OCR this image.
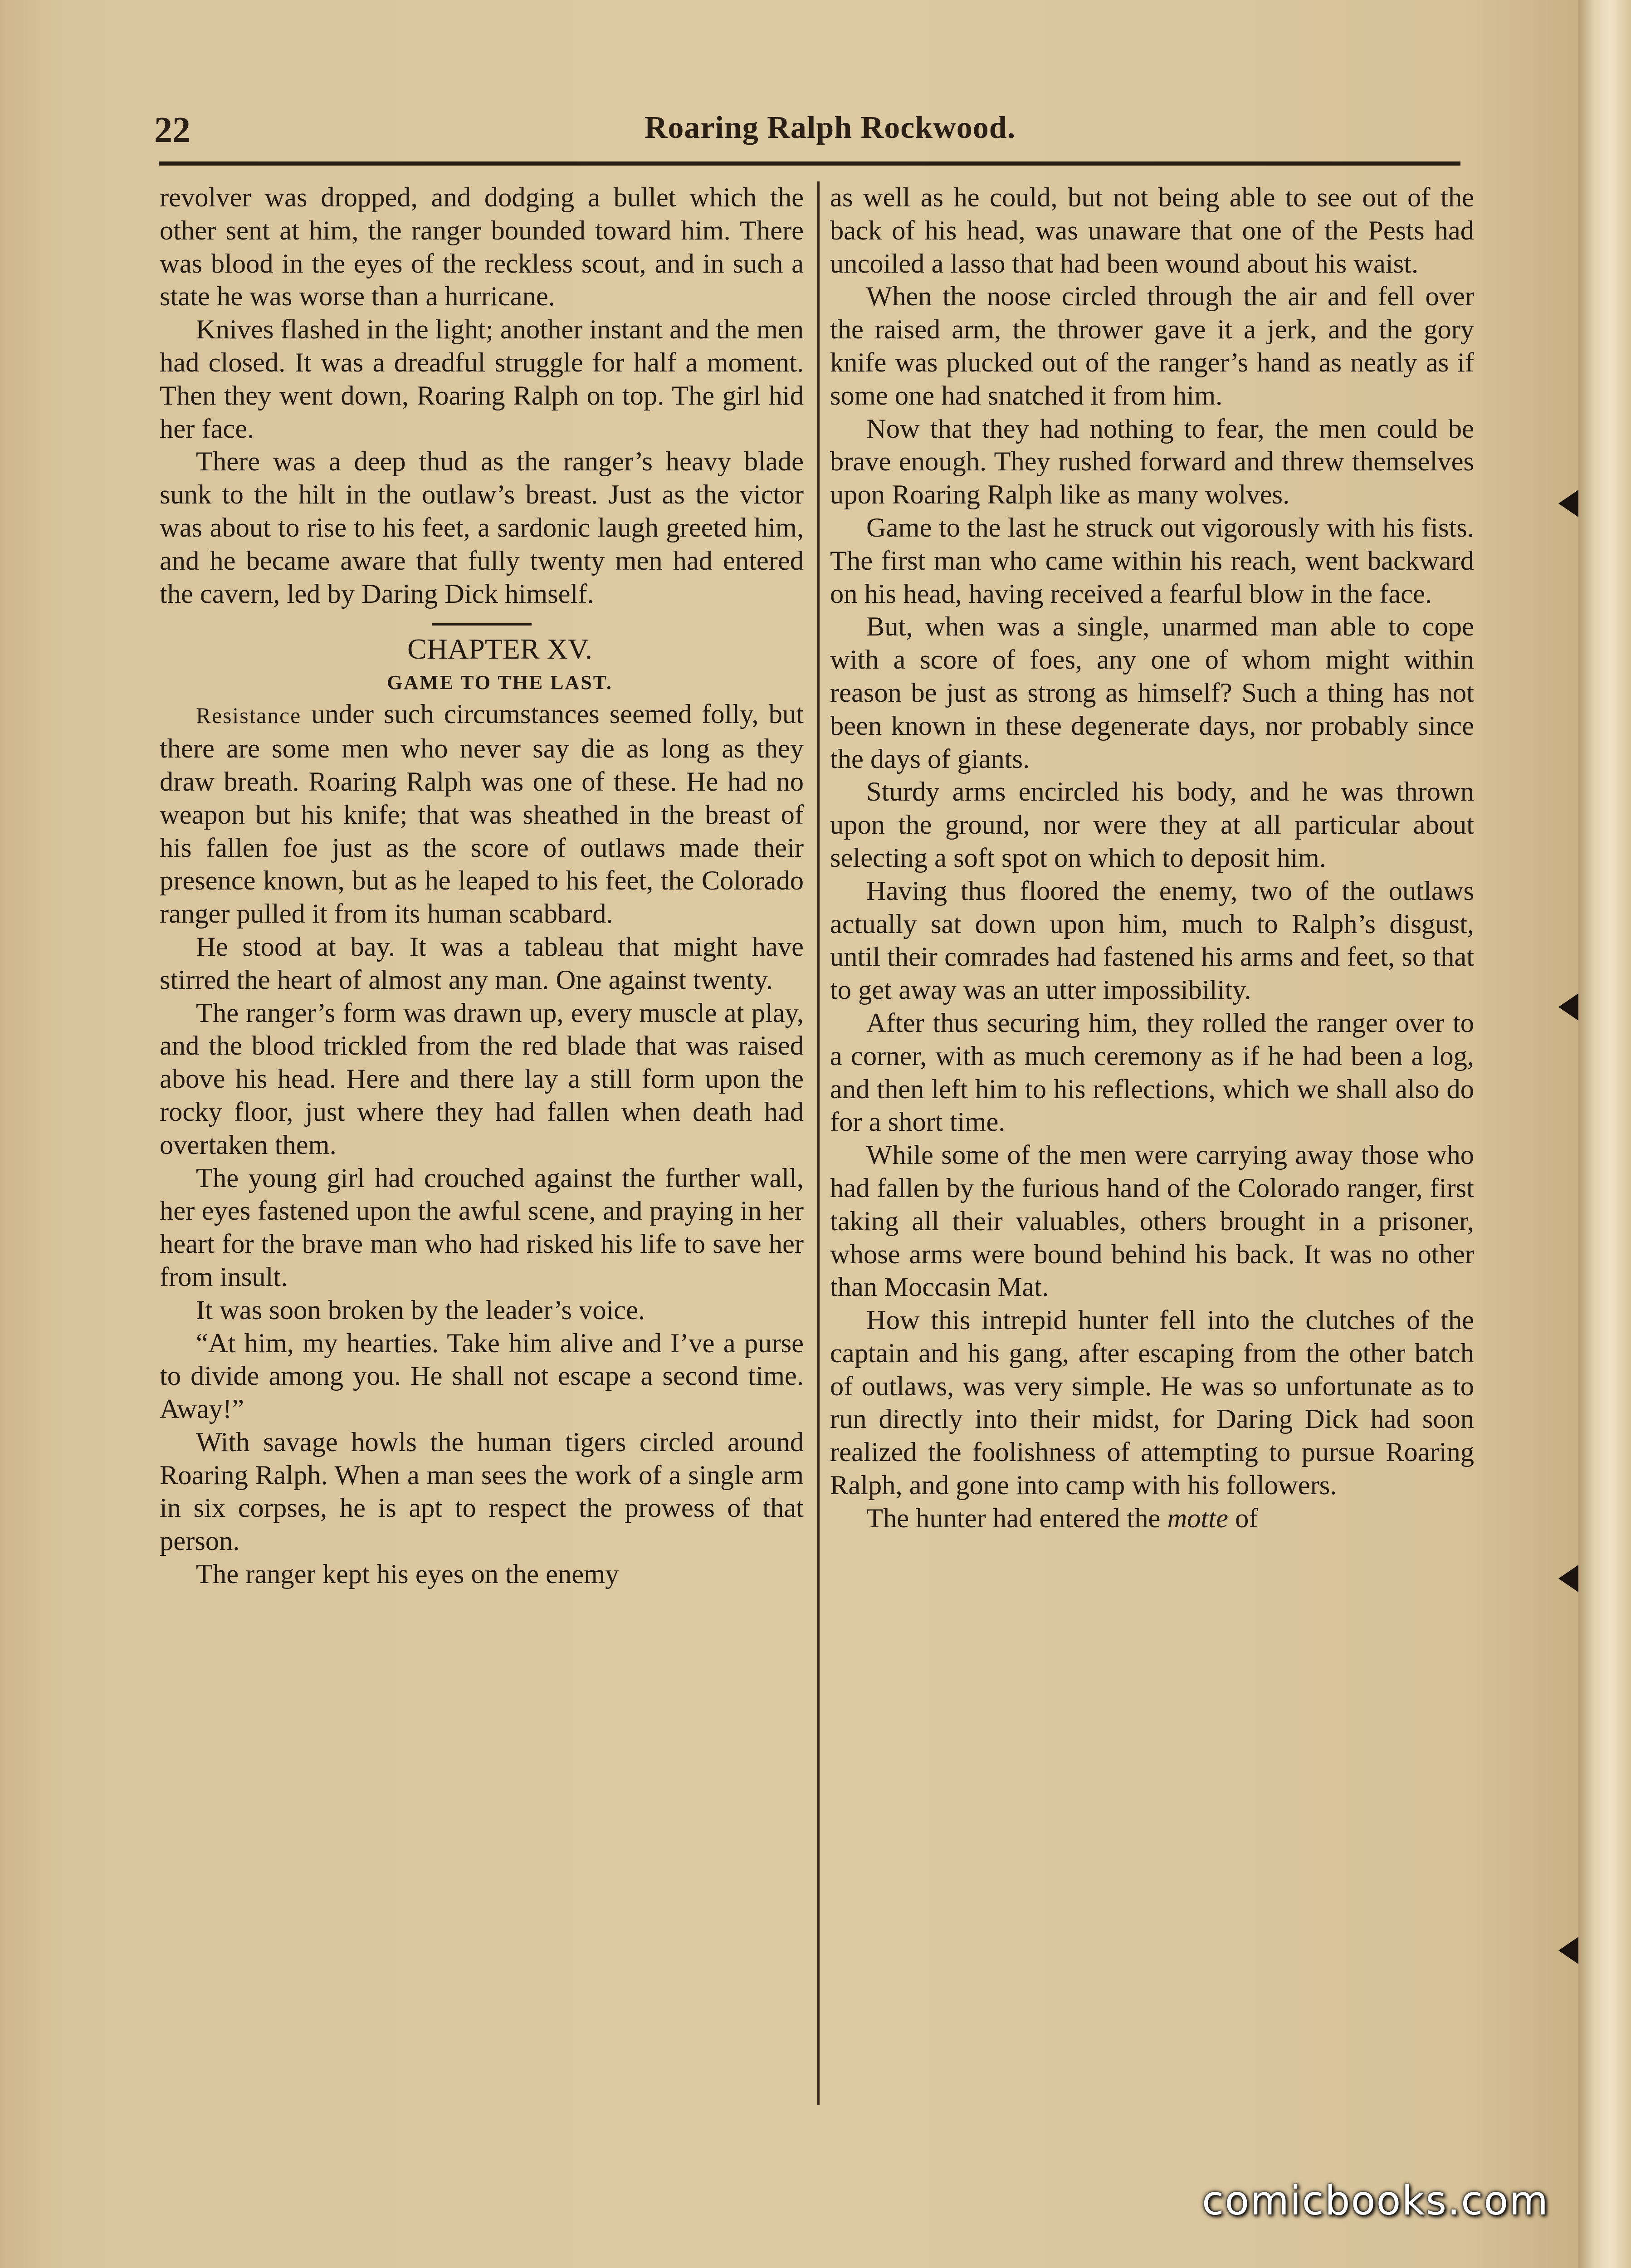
22	Roaring Ralph Rockwood.

revolver was dropped, and dodging a bullet which the other sent at him, the ranger bounded toward him. There was blood in the eyes of the reckless scout, and in such a state he was worse than a hurricane.

Knives flashed in the light; another instant and the men had closed. It was a dreadful struggle for half a moment. Then they went down, Roaring Ralph on top. The girl hid her face.

There was a deep thud as the ranger’s heavy blade sunk to the hilt in the outlaw’s breast. Just as the victor was about to rise to his feet, a sardonic laugh greeted him, and he became aware that fully twenty men had entered the cavern, led by Daring Dick himself.

CHAPTER XV.

GAME TO THE LAST.

Resistance under such circumstances seemed folly, but there are some men who never say die as long as they draw breath. Roaring Ralph was one of these. He had no weapon but his knife; that was sheathed in the breast of his fallen foe just as the score of outlaws made their presence known, but as he leaped to his feet, the Colorado ranger pulled it from its human scabbard.

He stood at bay. It was a tableau that might have stirred the heart of almost any man. One against twenty.

The ranger’s form was drawn up, every muscle at play, and the blood trickled from the red blade that was raised above his head. Here and there lay a still form upon the rocky floor, just where they had fallen when death had overtaken them.

The young girl had crouched against the further wall, her eyes fastened upon the awful scene, and praying in her heart for the brave man who had risked his life to save her from insult.

It was soon broken by the leader’s voice.

“At him, my hearties. Take him alive and I’ve a purse to divide among you. He shall not escape a second time. Away!”

With savage howls the human tigers circled around Roaring Ralph. When a man sees the work of a single arm in six corpses, he is apt to respect the prowess of that person.

The ranger kept his eyes on the enemy

as well as he could, but not being able to see out of the back of his head, was unaware that one of the Pests had uncoiled a lasso that had been wound about his waist.

When the noose circled through the air and fell over the raised arm, the thrower gave it a jerk, and the gory knife was plucked out of the ranger’s hand as neatly as if some one had snatched it from him.

Now that they had nothing to fear, the men could be brave enough. They rushed forward and threw themselves upon Roaring Ralph like as many wolves.

Game to the last he struck out vigorously with his fists. The first man who came within his reach, went backward on his head, having received a fearful blow in the face.

But, when was a single, unarmed man able to cope with a score of foes, any one of whom might within reason be just as strong as himself? Such a thing has not been known in these degenerate days, nor probably since the days of giants.

Sturdy arms encircled his body, and he was thrown upon the ground, nor were they at all particular about selecting a soft spot on which to deposit him.

Having thus floored the enemy, two of the outlaws actually sat down upon him, much to Ralph’s disgust, until their comrades had fastened his arms and feet, so that to get away was an utter impossibility.

After thus securing him, they rolled the ranger over to a corner, with as much ceremony as if he had been a log, and then left him to his reflections, which we shall also do for a short time.

While some of the men were carrying away those who had fallen by the furious hand of the Colorado ranger, first taking all their valuables, others brought in a prisoner, whose arms were bound behind his back. It was no other than Moccasin Mat.

How this intrepid hunter fell into the clutches of the captain and his gang, after escaping from the other batch of outlaws, was very simple. He was so unfortunate as to run directly into their midst, for Daring Dick had soon realized the foolishness of attempting to pursue Roaring Ralph, and gone into camp with his followers.

The hunter had entered the motte of

comicbooks.com
